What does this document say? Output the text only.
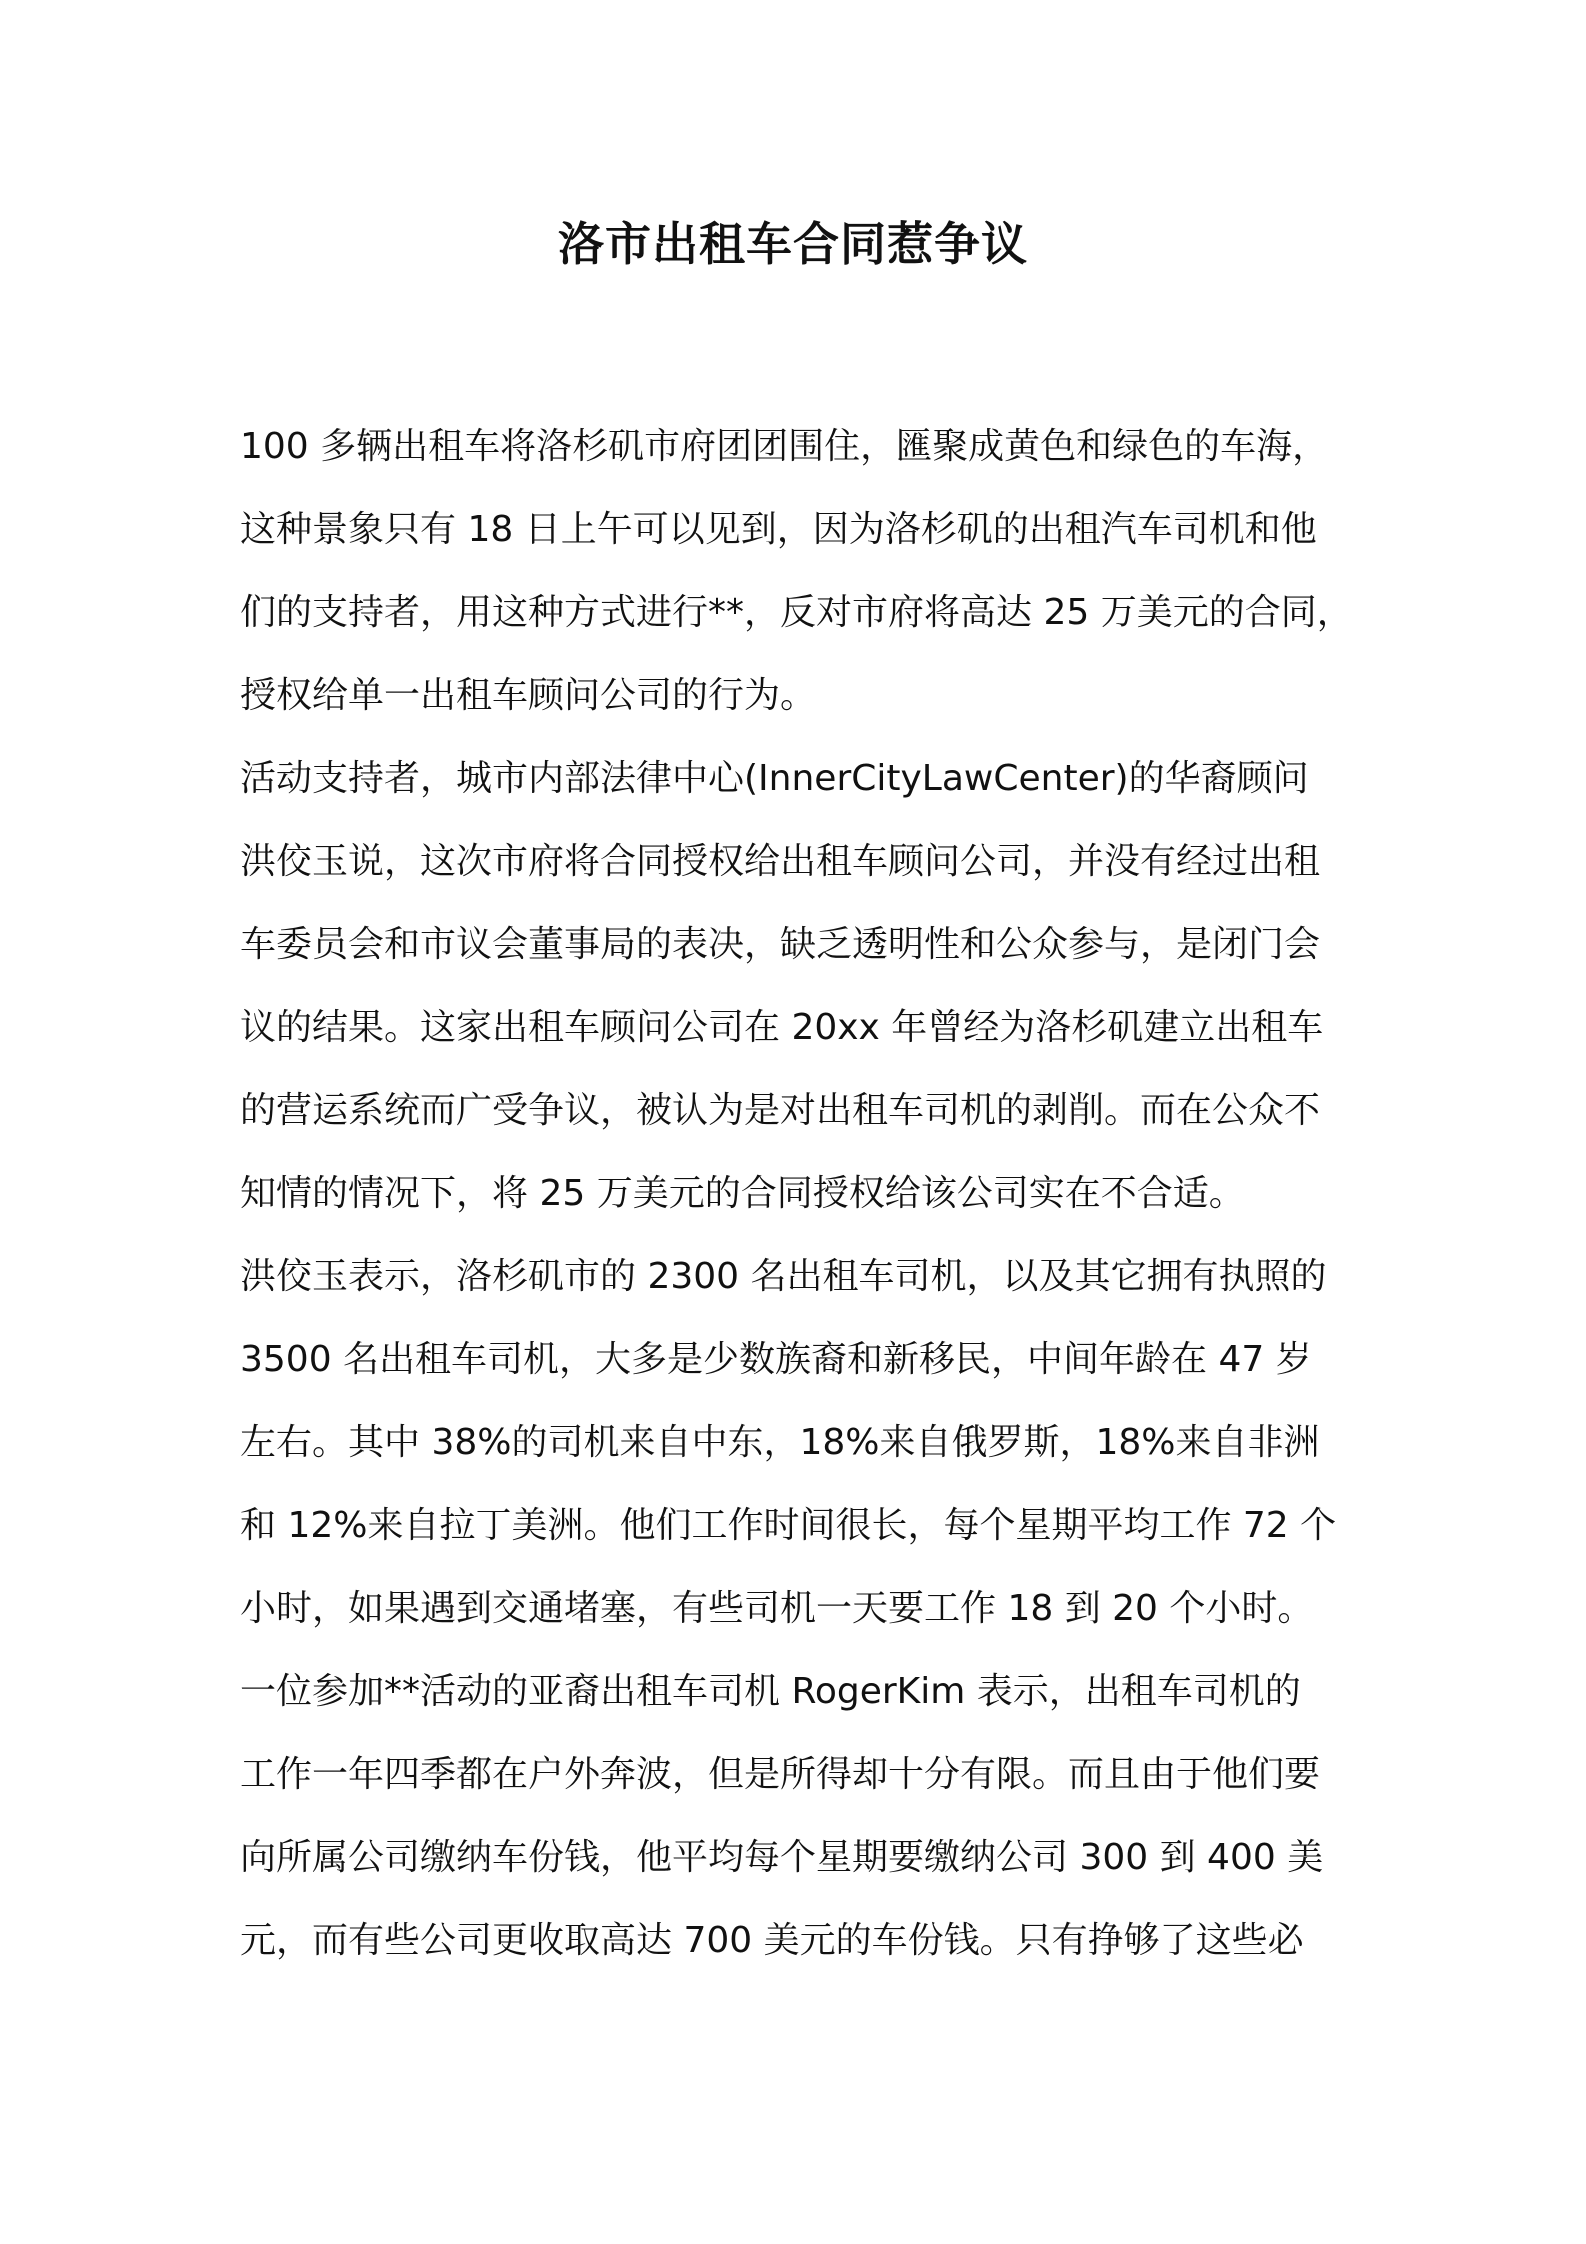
洛市出租车合同惹争议
100 多辆出租车将洛杉矶市府团团围住，匯聚成黄色和绿色的车海，
这种景象只有 18 日上午可以见到，因为洛杉矶的出租汽车司机和他
们的支持者，用这种方式进行**，反对市府将高达 25 万美元的合同，
授权给单一出租车顾问公司的行为。
活动支持者，城市内部法律中心(InnerCityLawCenter)的华裔顾问
洪佼玉说，这次市府将合同授权给出租车顾问公司，并没有经过出租
车委员会和市议会董事局的表决，缺乏透明性和公众参与，是闭门会
议的结果。这家出租车顾问公司在 20xx 年曾经为洛杉矶建立出租车
的营运系统而广受争议，被认为是对出租车司机的剥削。而在公众不
知情的情况下，将 25 万美元的合同授权给该公司实在不合适。
洪佼玉表示，洛杉矶市的 2300 名出租车司机，以及其它拥有执照的
3500 名出租车司机，大多是少数族裔和新移民，中间年龄在 47 岁
左右。其中 38%的司机来自中东，18%来自俄罗斯，18%来自非洲
和 12%来自拉丁美洲。他们工作时间很长，每个星期平均工作 72 个
小时，如果遇到交通堵塞，有些司机一天要工作 18 到 20 个小时。
一位参加**活动的亚裔出租车司机 RogerKim 表示，出租车司机的
工作一年四季都在户外奔波，但是所得却十分有限。而且由于他们要
向所属公司缴纳车份钱，他平均每个星期要缴纳公司 300 到 400 美
元，而有些公司更收取高达 700 美元的车份钱。只有挣够了这些必
